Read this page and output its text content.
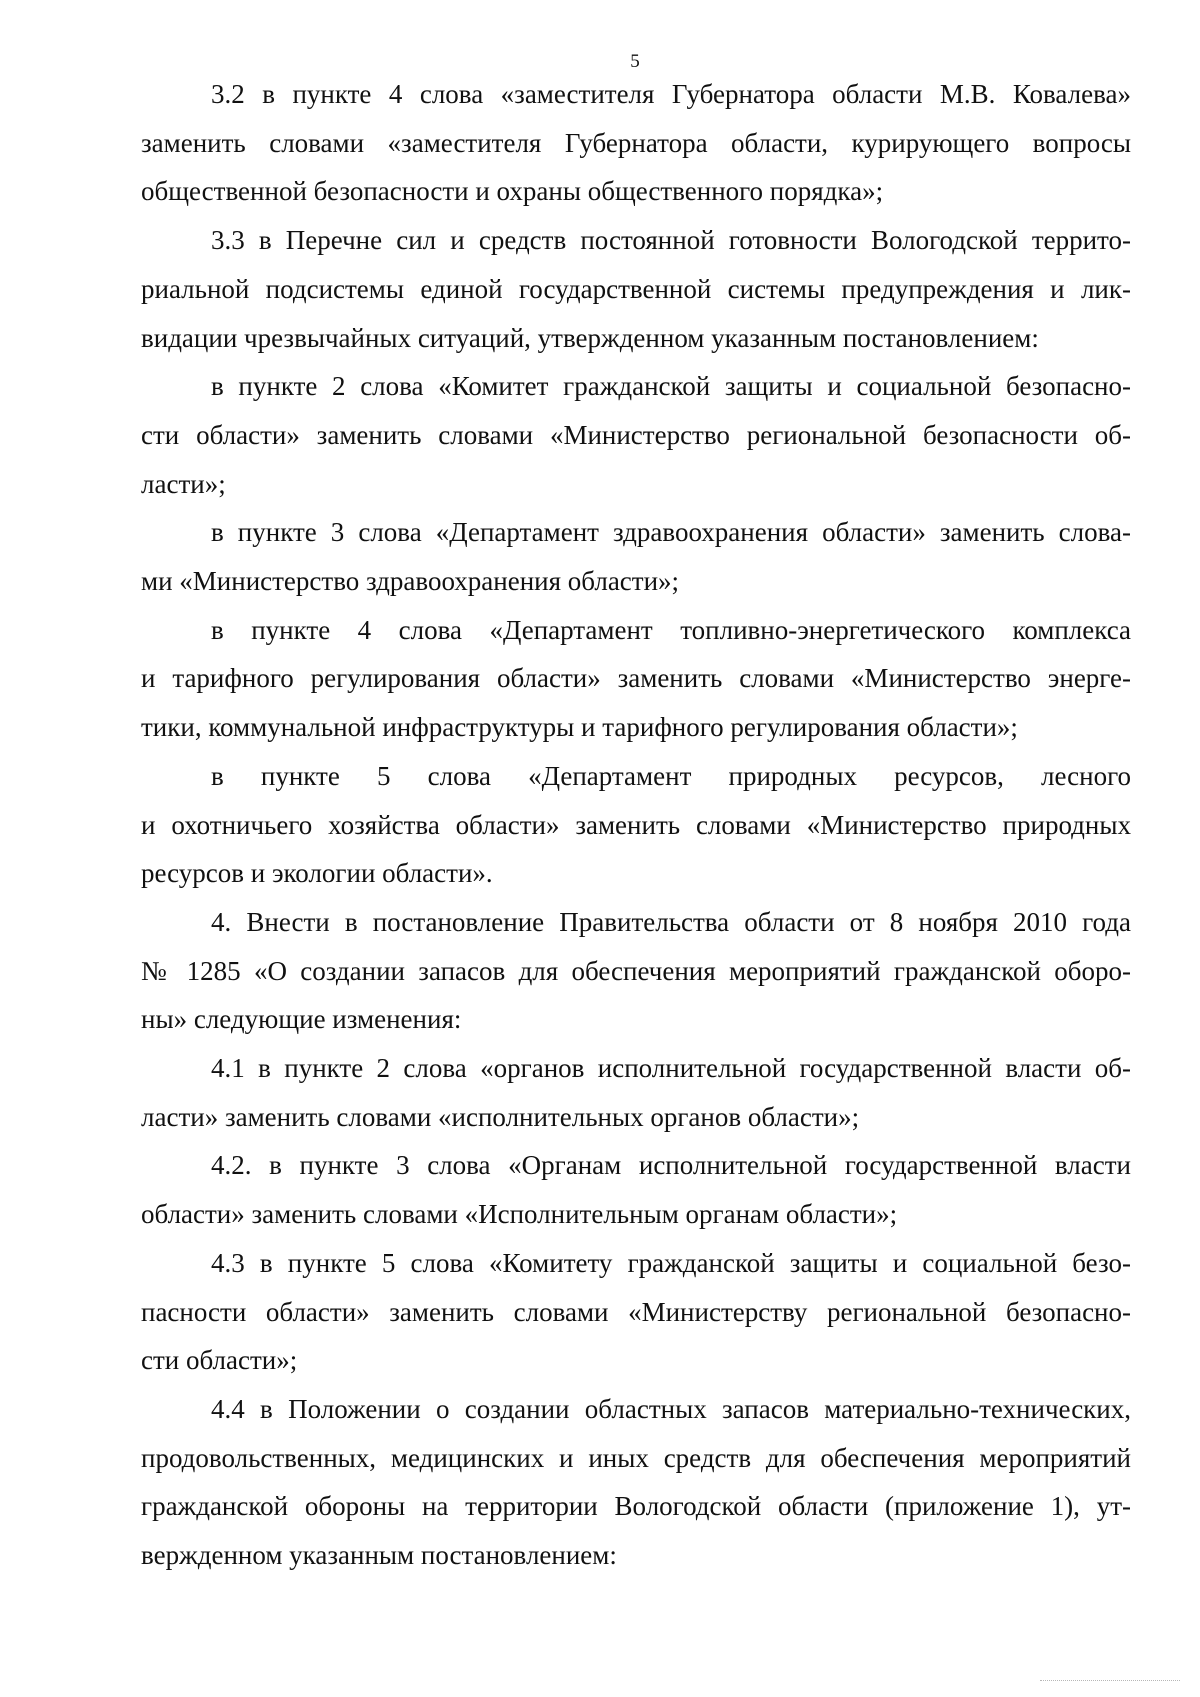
5

3.2 в пункте 4 слова «заместителя Губернатора области М.В. Ковалева»
заменить словами «заместителя Губернатора области, курирующего вопросы
общественной безопасности и охраны общественного порядка»;

3.3 в Перечне сил и средств постоянной готовности Вологодской террито-
риальной подсистемы единой государственной системы предупреждения и лик-
видации чрезвычайных ситуаций, утвержденном указанным постановлением:

в пункте 2 слова «Комитет гражданской защиты и социальной безопасно-
сти области» заменить словами «Министерство региональной безопасности об-
ласти»;

в пункте 3 слова «Департамент здравоохранения области» заменить слова-
ми «Министерство здравоохранения области»;

в пункте 4 слова «Департамент топливно-энергетического комплекса
и тарифного регулирования области» заменить словами «Министерство энерге-
тики, коммунальной инфраструктуры и тарифного регулирования области»;

в пункте 5 слова «Департамент природных ресурсов, лесного
и охотничьего хозяйства области» заменить словами «Министерство природных
ресурсов и экологии области».

4. Внести в постановление Правительства области от 8 ноября 2010 года
№ 1285 «О создании запасов для обеспечения мероприятий гражданской оборо-
ны» следующие изменения:

4.1 в пункте 2 слова «органов исполнительной государственной власти об-
ласти» заменить словами «исполнительных органов области»;

4.2. в пункте 3 слова «Органам исполнительной государственной власти
области» заменить словами «Исполнительным органам области»;

4.3 в пункте 5 слова «Комитету гражданской защиты и социальной безо-
пасности области» заменить словами «Министерству региональной безопасно-
сти области»;

4.4 в Положении о создании областных запасов материально-технических,
продовольственных, медицинских и иных средств для обеспечения мероприятий
гражданской обороны на территории Вологодской области (приложение 1), ут-
вержденном указанным постановлением:
